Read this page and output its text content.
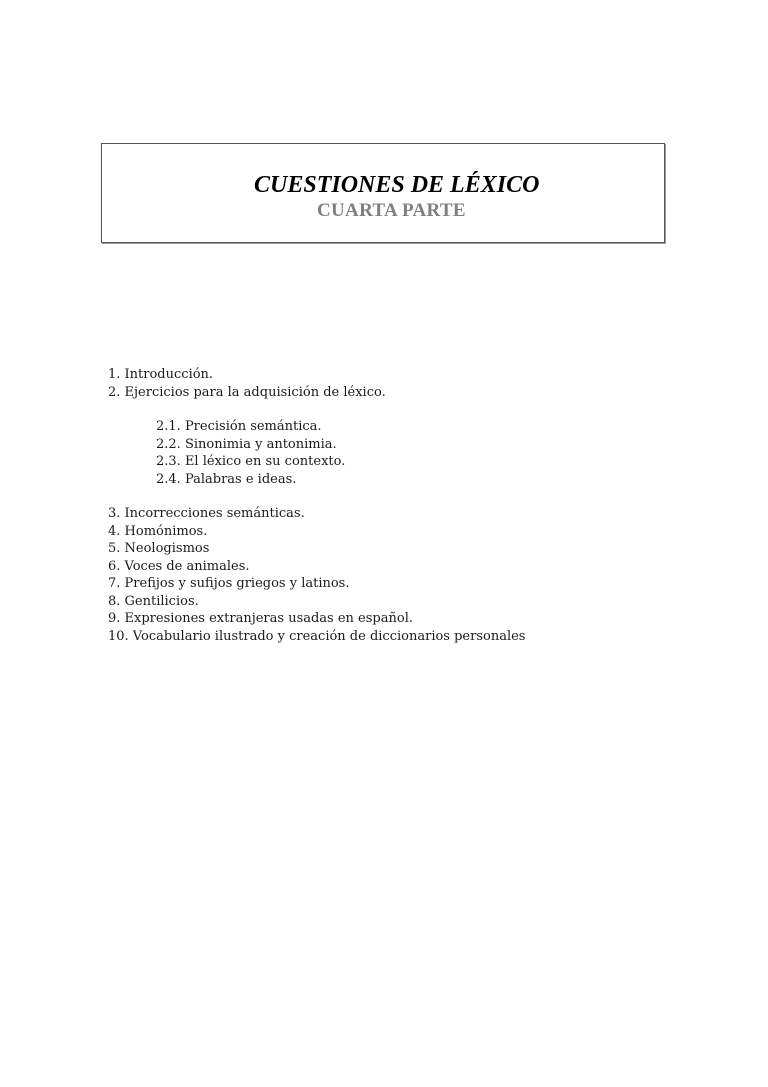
CUESTIONES DE LÉXICO
CUARTA PARTE

1. Introducción.

2. Ejercicios para la adquisición de léxico.

2.1. Precisión semántica.

2.2. Sinonimia y antonimia.

2.3. El léxico en su contexto.

2.4. Palabras e ideas.

3. Incorrecciones semánticas.

4. Homónimos.

5. Neologismos

6. Voces de animales.

7. Prefijos y sufijos griegos y latinos.

8. Gentilicios.

9. Expresiones extranjeras usadas en español.

10. Vocabulario ilustrado y creación de diccionarios personales
